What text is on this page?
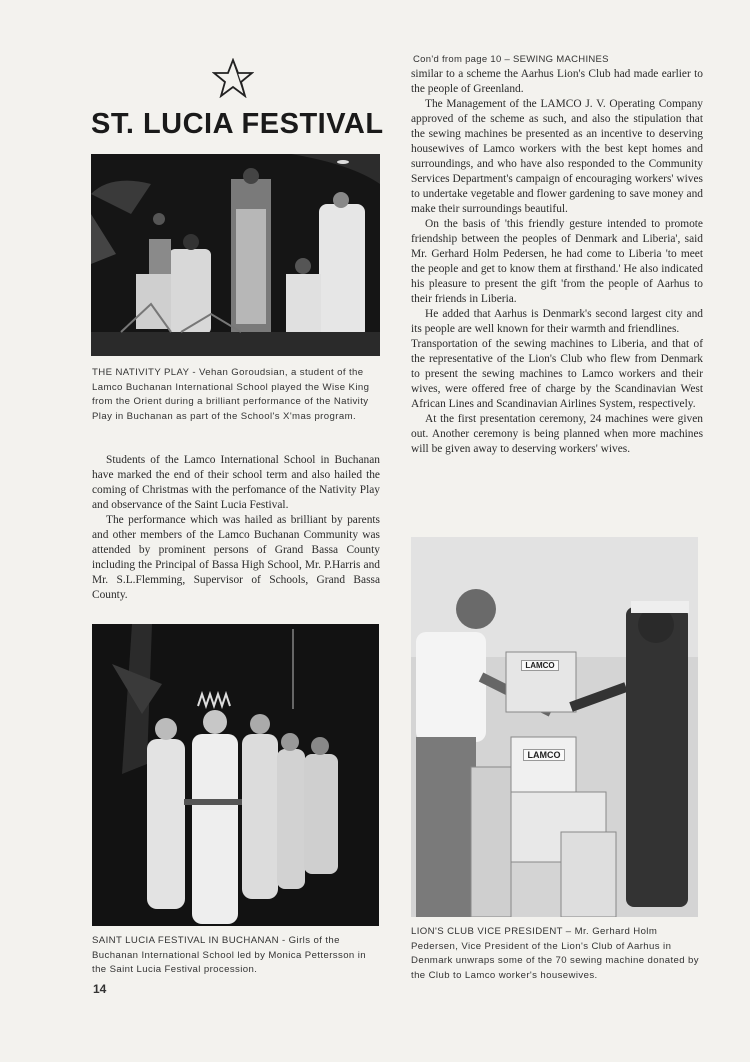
ST. LUCIA FESTIVAL
THE NATIVITY PLAY - Vehan Goroudsian, a student of the Lamco Buchanan International School played the Wise King from the Orient during a brilliant performance of the Nativity Play in Buchanan as part of the School's X'mas program.

Students of the Lamco International School in Buchanan have marked the end of their school term and also hailed the coming of Christmas with the perfomance of the Nativity Play and observance of the Saint Lucia Festival.

The performance which was hailed as brilliant by parents and other members of the Lamco Buchanan Community was attended by prominent persons of Grand Bassa County including the Principal of Bassa High School, Mr. P.Harris and Mr. S.L.Flemming, Supervisor of Schools, Grand Bassa County.

SAINT LUCIA FESTIVAL IN BUCHANAN - Girls of the Buchanan International School led by Monica Pettersson in the Saint Lucia Festival procession.
Con'd from page 10 – SEWING MACHINES

similar to a scheme the Aarhus Lion's Club had made earlier to the people of Greenland.

The Management of the LAMCO J. V. Operating Company approved of the scheme as such, and also the stipulation that the sewing machines be presented as an incentive to deserving housewives of Lamco workers with the best kept homes and surroundings, and who have also responded to the Community Services Department's campaign of encouraging workers' wives to undertake vegetable and flower gardening to save money and make their surroundings beautiful.

On the basis of 'this friendly gesture intended to promote friendship between the peoples of Denmark and Liberia', said Mr. Gerhard Holm Pedersen, he had come to Liberia 'to meet the people and get to know them at firsthand.' He also indicated his pleasure to present the gift 'from the people of Aarhus to their friends in Liberia.

He added that Aarhus is Denmark's second largest city and its people are well known for their warmth and friendlines.

Transportation of the sewing machines to Liberia, and that of the representative of the Lion's Club who flew from Denmark to present the sewing machines to Lamco workers and their wives, were offered free of charge by the Scandinavian West African Lines and Scandinavian Airlines System, respectively.

At the first presentation ceremony, 24 machines were given out. Another ceremony is being planned when more machines will be given away to deserving workers' wives.

LAMCO
LAMCO
LION'S CLUB VICE PRESIDENT – Mr. Gerhard Holm Pedersen, Vice President of the Lion's Club of Aarhus in Denmark unwraps some of the 70 sewing machine donated by the Club to Lamco worker's housewives.
14
